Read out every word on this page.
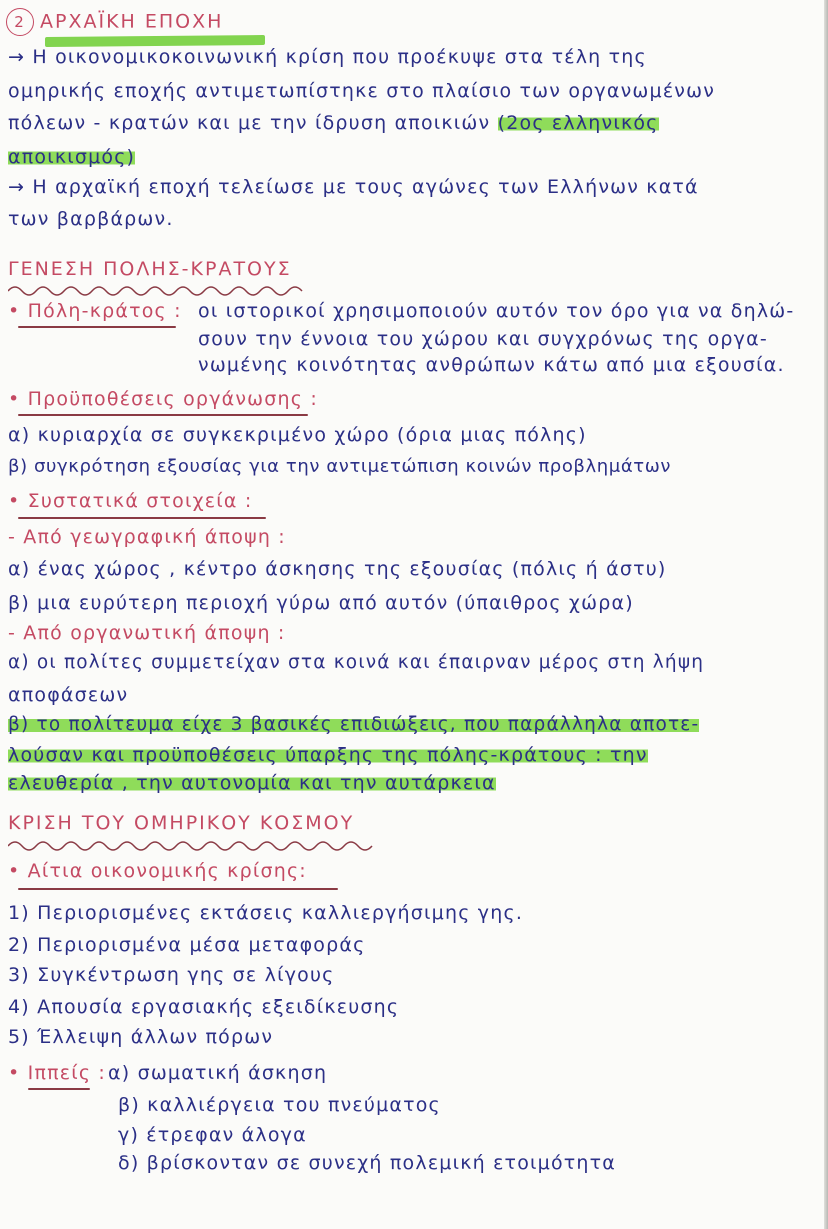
2 ΑΡΧΑΪΚΗ ΕΠΟΧΗ
→ Η οικονομικοκοινωνική κρίση που προέκυψε στα τέλη της
ομηρικής εποχής αντιμετωπίστηκε στο πλαίσιο των οργανωμένων
πόλεων - κρατών και με την ίδρυση αποικιών (2ος ελληνικός
αποικισμός)
→ Η αρχαϊκή εποχή τελείωσε με τους αγώνες των Ελλήνων κατά
των βαρβάρων.
ΓΕΝΕΣΗ ΠΟΛΗΣ-ΚΡΑΤΟΥΣ
• Πόλη-κράτος : οι ιστορικοί χρησιμοποιούν αυτόν τον όρο για να δηλώ-
σουν την έννοια του χώρου και συγχρόνως της οργα-
νωμένης κοινότητας ανθρώπων κάτω από μια εξουσία.
• Προϋποθέσεις οργάνωσης :
α) κυριαρχία σε συγκεκριμένο χώρο (όρια μιας πόλης)
β) συγκρότηση εξουσίας για την αντιμετώπιση κοινών προβλημάτων
• Συστατικά στοιχεία :
- Από γεωγραφική άποψη :
α) ένας χώρος , κέντρο άσκησης της εξουσίας (πόλις ή άστυ)
β) μια ευρύτερη περιοχή γύρω από αυτόν (ύπαιθρος χώρα)
- Από οργανωτική άποψη :
α) οι πολίτες συμμετείχαν στα κοινά και έπαιρναν μέρος στη λήψη
αποφάσεων
β) το πολίτευμα είχε 3 βασικές επιδιώξεις, που παράλληλα αποτε-
λούσαν και προϋποθέσεις ύπαρξης της πόλης-κράτους : την
ελευθερία , την αυτονομία και την αυτάρκεια
ΚΡΙΣΗ ΤΟΥ ΟΜΗΡΙΚΟΥ ΚΟΣΜΟΥ
• Αίτια οικονομικής κρίσης:
1) Περιορισμένες εκτάσεις καλλιεργήσιμης γης.
2) Περιορισμένα μέσα μεταφοράς
3) Συγκέντρωση γης σε λίγους
4) Απουσία εργασιακής εξειδίκευσης
5) Έλλειψη άλλων πόρων
• Ιππείς : α) σωματική άσκηση
β) καλλιέργεια του πνεύματος
γ) έτρεφαν άλογα
δ) βρίσκονταν σε συνεχή πολεμική ετοιμότητα
